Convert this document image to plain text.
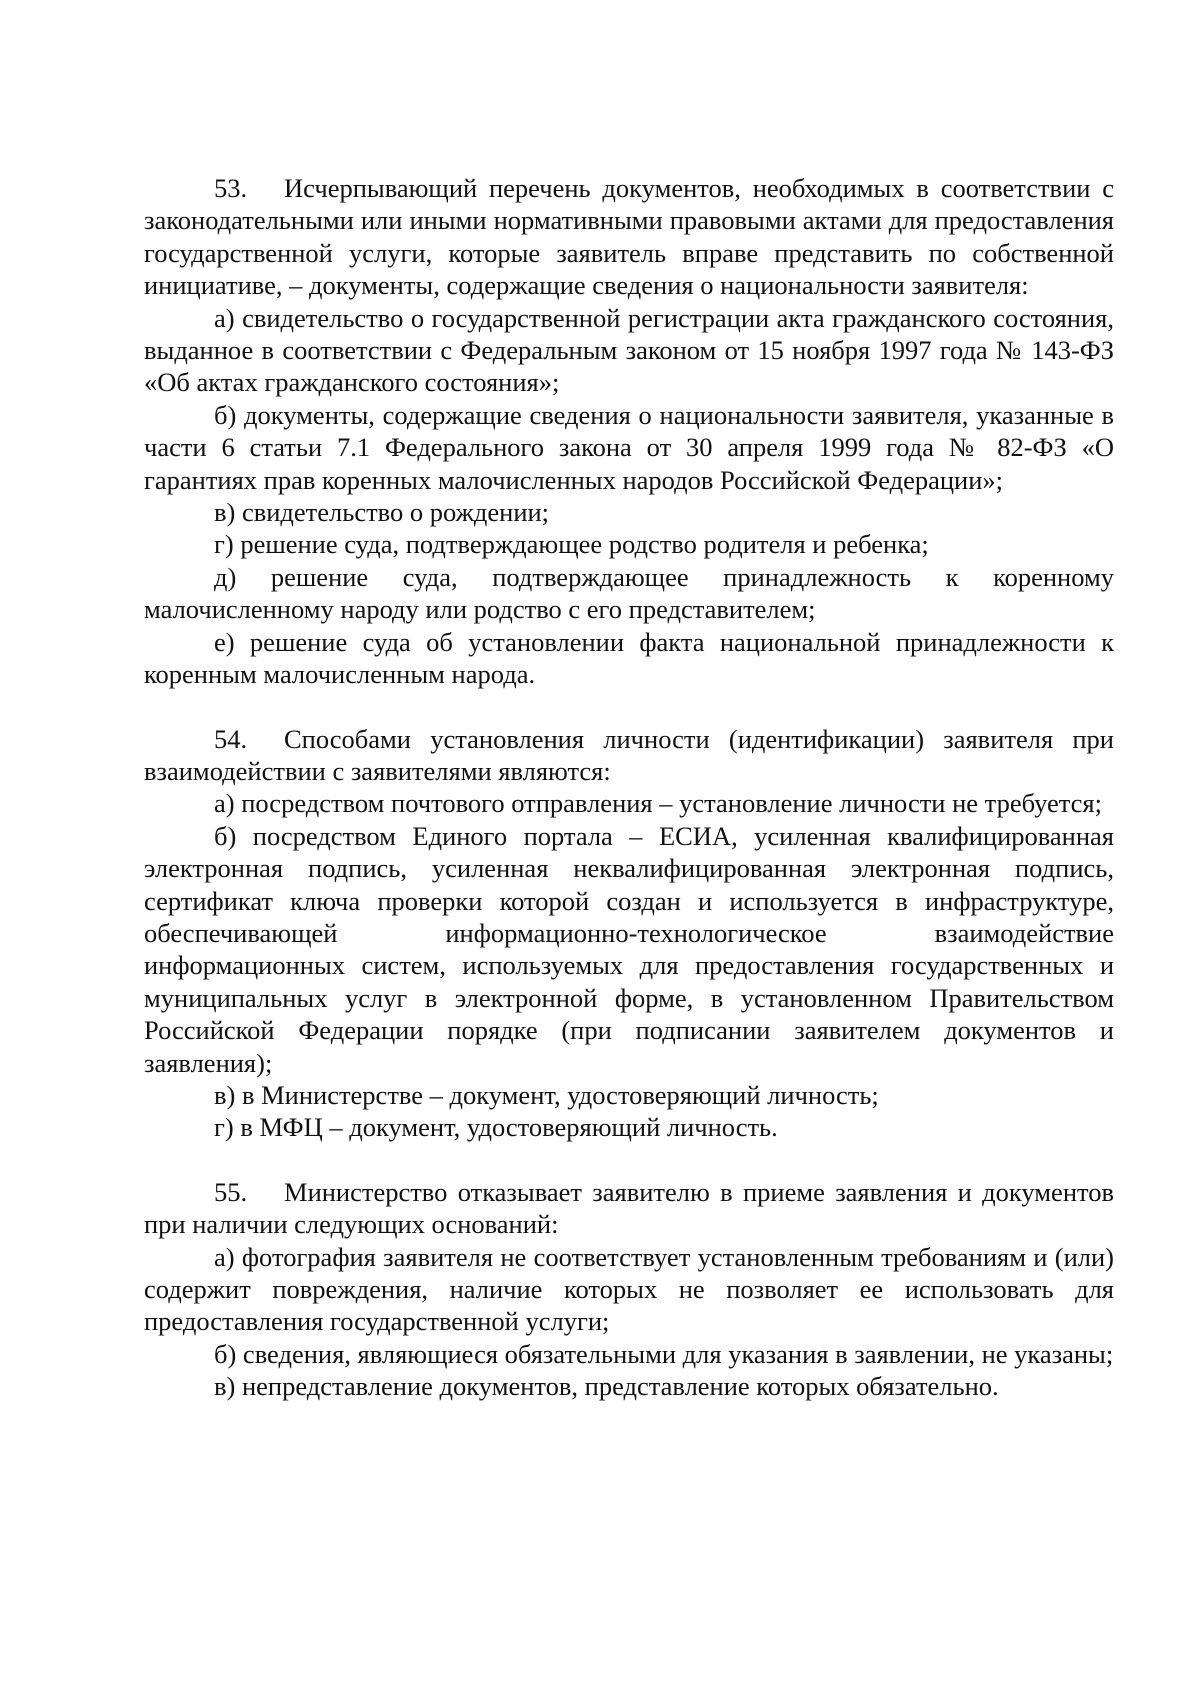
53. Исчерпывающий перечень документов, необходимых в соответствии с законодательными или иными нормативными правовыми актами для предоставления государственной услуги, которые заявитель вправе представить по собственной инициативе, – документы, содержащие сведения о национальности заявителя:

а) свидетельство о государственной регистрации акта гражданского состояния, выданное в соответствии с Федеральным законом от 15 ноября 1997 года № 143-ФЗ «Об актах гражданского состояния»;

б) документы, содержащие сведения о национальности заявителя, указанные в части 6 статьи 7.1 Федерального закона от 30 апреля 1999 года № 82-ФЗ «О гарантиях прав коренных малочисленных народов Российской Федерации»;

в) свидетельство о рождении;

г) решение суда, подтверждающее родство родителя и ребенка;

д) решение суда, подтверждающее принадлежность к коренному малочисленному народу или родство с его представителем;

е) решение суда об установлении факта национальной принадлежности к коренным малочисленным народа.

54. Способами установления личности (идентификации) заявителя при взаимодействии с заявителями являются:

а) посредством почтового отправления – установление личности не требуется;

б) посредством Единого портала – ЕСИА, усиленная квалифицированная электронная подпись, усиленная неквалифицированная электронная подпись, сертификат ключа проверки которой создан и используется в инфраструктуре, обеспечивающей информационно-технологическое взаимодействие информационных систем, используемых для предоставления государственных и муниципальных услуг в электронной форме, в установленном Правительством Российской Федерации порядке (при подписании заявителем документов и заявления);

в) в Министерстве – документ, удостоверяющий личность;

г) в МФЦ – документ, удостоверяющий личность.

55. Министерство отказывает заявителю в приеме заявления и документов при наличии следующих оснований:

а) фотография заявителя не соответствует установленным требованиям и (или) содержит повреждения, наличие которых не позволяет ее использовать для предоставления государственной услуги;

б) сведения, являющиеся обязательными для указания в заявлении, не указаны;

в) непредставление документов, представление которых обязательно.
